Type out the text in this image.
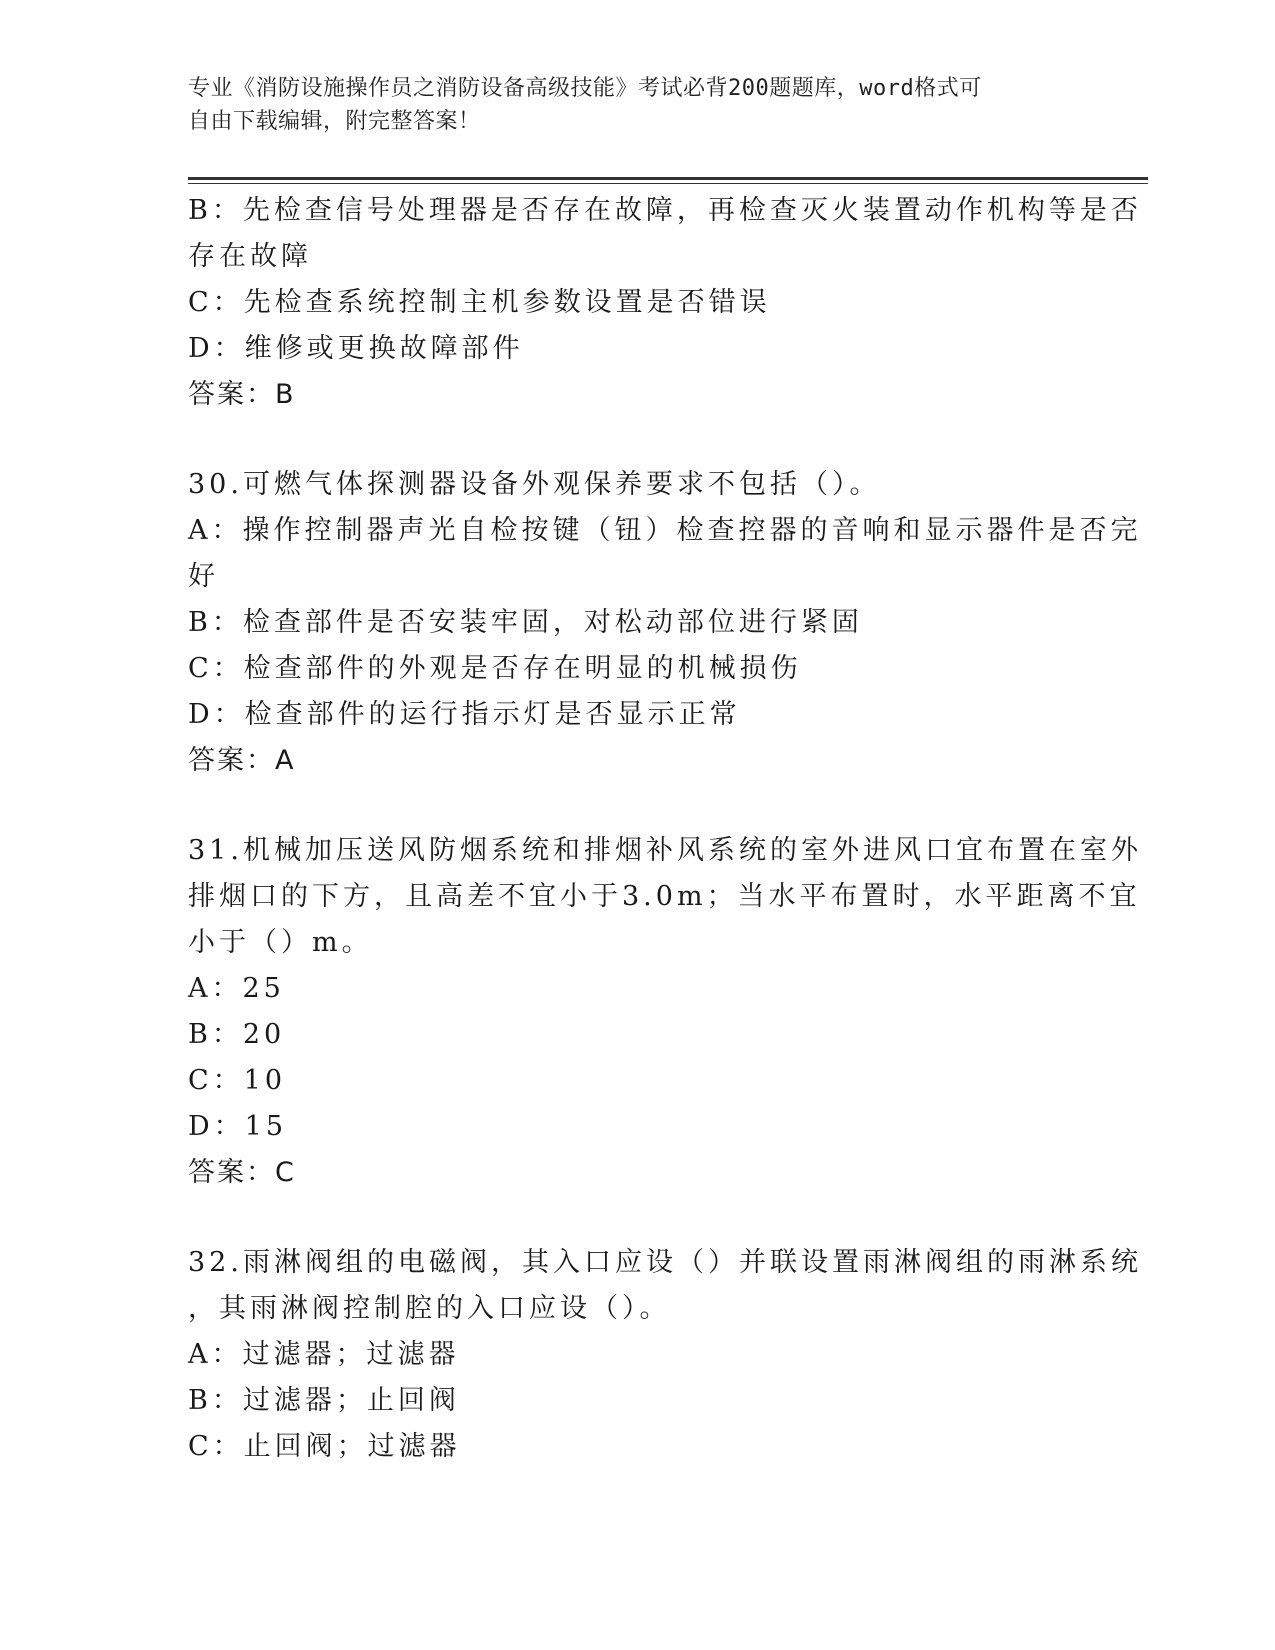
专业《消防设施操作员之消防设备高级技能》考试必背200题题库，word格式可
自由下载编辑，附完整答案！
B：先检查信号处理器是否存在故障，再检查灭火装置动作机构等是否
存在故障
C：先检查系统控制主机参数设置是否错误
D：维修或更换故障部件
答案：B
30.可燃气体探测器设备外观保养要求不包括（）。
A：操作控制器声光自检按键（钮）检查控器的音响和显示器件是否完
好
B：检查部件是否安装牢固，对松动部位进行紧固
C：检查部件的外观是否存在明显的机械损伤
D：检查部件的运行指示灯是否显示正常
答案：A
31.机械加压送风防烟系统和排烟补风系统的室外进风口宜布置在室外
排烟口的下方，且高差不宜小于3.0m；当水平布置时，水平距离不宜
小于（）m。
A：25
B：20
C：10
D：15
答案：C
32.雨淋阀组的电磁阀，其入口应设（）并联设置雨淋阀组的雨淋系统
，其雨淋阀控制腔的入口应设（）。
A：过滤器；过滤器
B：过滤器；止回阀
C：止回阀；过滤器
